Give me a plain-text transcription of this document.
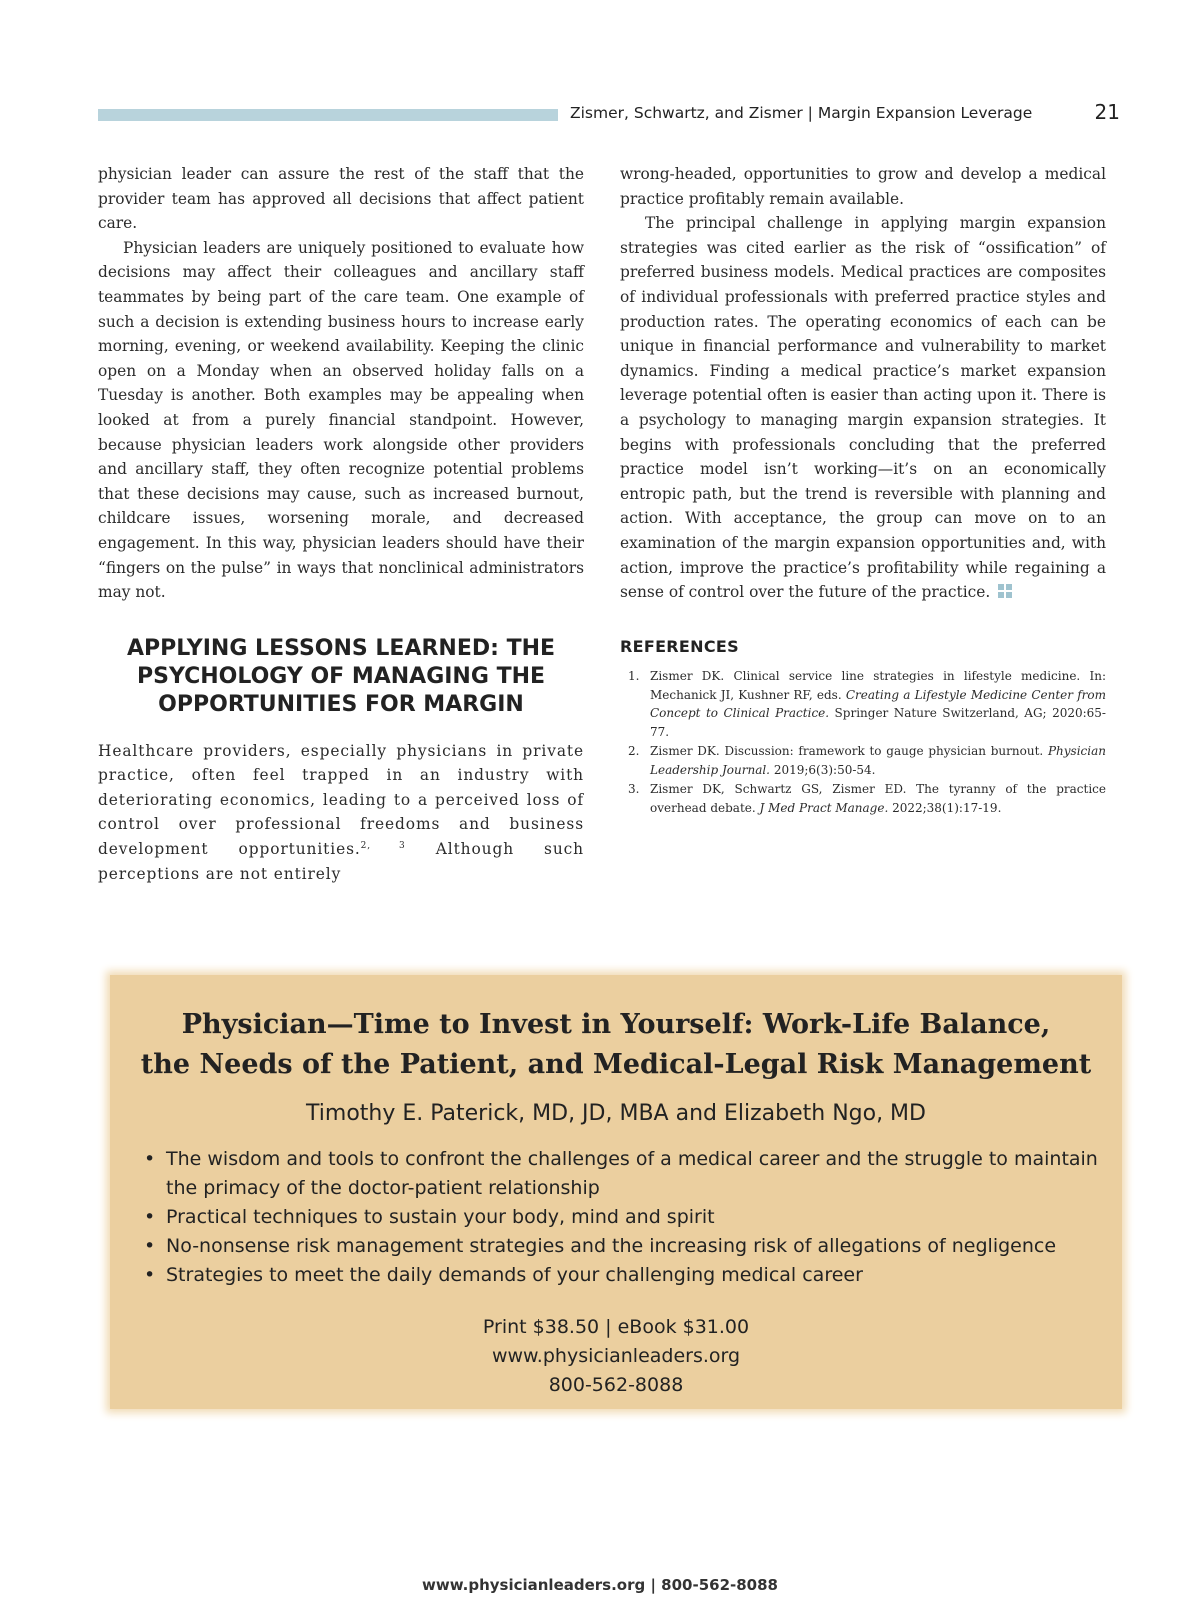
Zismer, Schwartz, and Zismer | Margin Expansion Leverage	21

physician leader can assure the rest of the staff that the provider team has approved all decisions that affect patient care.

Physician leaders are uniquely positioned to evaluate how decisions may affect their colleagues and ancillary staff teammates by being part of the care team. One example of such a decision is extending business hours to increase early morning, evening, or weekend availability. Keeping the clinic open on a Monday when an observed holiday falls on a Tuesday is another. Both examples may be appealing when looked at from a purely financial standpoint. However, because physician leaders work alongside other providers and ancillary staff, they often recognize potential problems that these decisions may cause, such as increased burnout, childcare issues, worsening morale, and decreased engagement. In this way, physician leaders should have their “fingers on the pulse” in ways that nonclinical administrators may not.

APPLYING LESSONS LEARNED: THE PSYCHOLOGY OF MANAGING THE OPPORTUNITIES FOR MARGIN

Healthcare providers, especially physicians in private practice, often feel trapped in an industry with deteriorating economics, leading to a perceived loss of control over professional freedoms and business development opportunities.$^{2, 3}$ Although such perceptions are not entirely

wrong-headed, opportunities to grow and develop a medical practice profitably remain available.

The principal challenge in applying margin expansion strategies was cited earlier as the risk of “ossification” of preferred business models. Medical practices are composites of individual professionals with preferred practice styles and production rates. The operating economics of each can be unique in financial performance and vulnerability to market dynamics. Finding a medical practice’s market expansion leverage potential often is easier than acting upon it. There is a psychology to managing margin expansion strategies. It begins with professionals concluding that the preferred practice model isn’t working—it’s on an economically entropic path, but the trend is reversible with planning and action. With acceptance, the group can move on to an examination of the margin expansion opportunities and, with action, improve the practice’s profitability while regaining a sense of control over the future of the practice.

REFERENCES
1. Zismer DK. Clinical service line strategies in lifestyle medicine. In: Mechanick JI, Kushner RF, eds. Creating a Lifestyle Medicine Center from Concept to Clinical Practice. Springer Nature Switzerland, AG; 2020:65-77.
2. Zismer DK. Discussion: framework to gauge physician burnout. Physician Leadership Journal. 2019;6(3):50-54.
3. Zismer DK, Schwartz GS, Zismer ED. The tyranny of the practice overhead debate. J Med Pract Manage. 2022;38(1):17-19.
Physician—Time to Invest in Yourself: Work-Life Balance,
the Needs of the Patient, and Medical-Legal Risk Management
Timothy E. Paterick, MD, JD, MBA and Elizabeth Ngo, MD
• The wisdom and tools to confront the challenges of a medical career and the struggle to maintain the primacy of the doctor-patient relationship
• Practical techniques to sustain your body, mind and spirit
• No-nonsense risk management strategies and the increasing risk of allegations of negligence
• Strategies to meet the daily demands of your challenging medical career
Print $38.50 | eBook $31.00
www.physicianleaders.org
800-562-8088
www.physicianleaders.org | 800-562-8088
